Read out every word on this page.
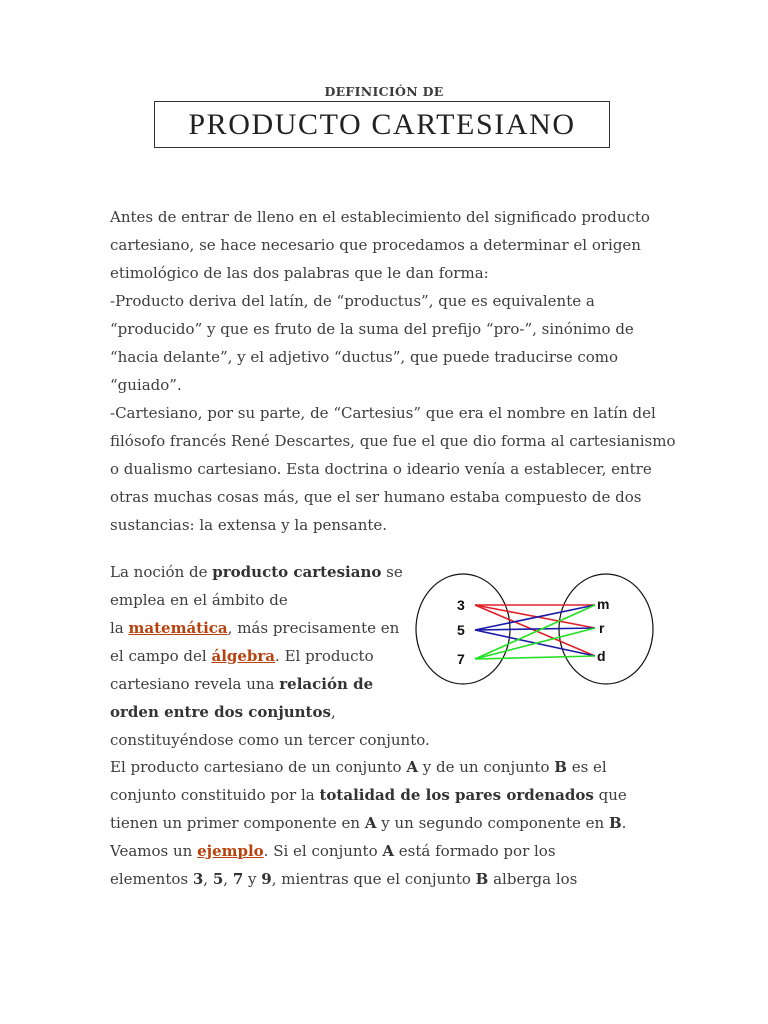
DEFINICIÓN DE
PRODUCTO CARTESIANO
Antes de entrar de lleno en el establecimiento del significado producto
cartesiano, se hace necesario que procedamos a determinar el origen
etimológico de las dos palabras que le dan forma:
-Producto deriva del latín, de “productus”, que es equivalente a
“producido” y que es fruto de la suma del prefijo “pro-”, sinónimo de
“hacia delante”, y el adjetivo “ductus”, que puede traducirse como
“guiado”.
-Cartesiano, por su parte, de “Cartesius” que era el nombre en latín del
filósofo francés René Descartes, que fue el que dio forma al cartesianismo
o dualismo cartesiano. Esta doctrina o ideario venía a establecer, entre
otras muchas cosas más, que el ser humano estaba compuesto de dos
sustancias: la extensa y la pensante.
La noción de producto cartesiano se
emplea en el ámbito de
la matemática, más precisamente en
el campo del álgebra. El producto
cartesiano revela una relación de
orden entre dos conjuntos,
constituyéndose como un tercer conjunto.
3
5
7
m
r
d
El producto cartesiano de un conjunto A y de un conjunto B es el
conjunto constituido por la totalidad de los pares ordenados que
tienen un primer componente en A y un segundo componente en B.
Veamos un ejemplo. Si el conjunto A está formado por los
elementos 3, 5, 7 y 9, mientras que el conjunto B alberga los
